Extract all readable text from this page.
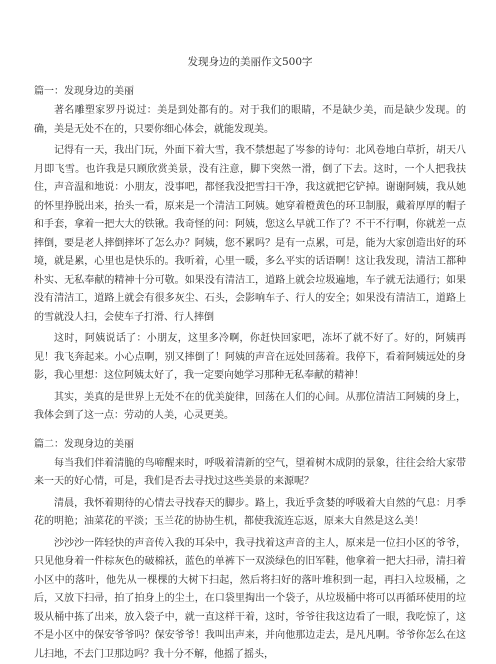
发现身边的美丽作文500字
篇一：发现身边的美丽

著名雕塑家罗丹说过：美是到处都有的。对于我们的眼睛，不是缺少美，而是缺少发现。的确，美是无处不在的，只要你细心体会，就能发现美。

记得有一天，我出门玩，外面下着大雪，我不禁想起了岑参的诗句：北风卷地白草折，胡天八月即飞雪。也许我是只顾欣赏美景，没有注意，脚下突然一滑，倒了下去。这时，一个人把我扶住，声音温和地说：小朋友，没事吧，都怪我没把雪扫干净，我这就把它铲掉。谢谢阿姨，我从她的怀里挣脱出来，抬头一看，原来是一个清洁工阿姨。她穿着橙黄色的环卫制服，戴着厚厚的帽子和手套，拿着一把大大的铁锹。我奇怪的问：阿姨，您这么早就工作了？不干不行啊，你就差一点摔倒，要是老人摔倒摔坏了怎么办？阿姨，您不累吗？是有一点累，可是，能为大家创造出好的环境，就是累，心里也是快乐的。我听着，心里一暖，多么平实的话语啊！这让我发现，清洁工都种朴实、无私奉献的精神十分可敬。如果没有清洁工，道路上就会垃圾遍地，车子就无法通行；如果没有清洁工，道路上就会有很多灰尘、石头，会影响车子、行人的安全；如果没有清洁工，道路上的雪就没人扫，会使车子打滑、行人摔倒

这时，阿姨说话了：小朋友，这里多冷啊，你赶快回家吧，冻坏了就不好了。好的，阿姨再见！我飞奔起来。小心点啊，别又摔倒了！阿姨的声音在远处回荡着。我停下，看着阿姨远处的身影，我心里想：这位阿姨太好了，我一定要向她学习那种无私奉献的精神！

其实，美真的是世界上无处不在的优美旋律，回荡在人们的心间。从那位清洁工阿姨的身上，我体会到了这一点：劳动的人美，心灵更美。

篇二：发现身边的美丽

每当我们伴着清脆的鸟啼醒来时，呼吸着清新的空气，望着树木成阴的景象，往往会给大家带来一天的好心情，可是，我们是否去寻找过这些美景的来源呢？

清晨，我怀着期待的心情去寻找春天的脚步。路上，我近乎贪婪的呼吸着大自然的气息：月季花的明艳；油菜花的平淡；玉兰花的协协生机，都使我流连忘返，原来大自然是这么美！

沙沙沙一阵轻快的声音传入我的耳朵中，我寻找着这声音的主人，原来是一位扫小区的爷爷，只见他身着一件棕灰色的破棉袄，蓝色的单裤下一双淡绿色的旧军鞋，他拿着一把大扫帚，清扫着小区中的落叶，他先从一棵棵的大树下扫起，然后将扫好的落叶堆积到一起，再扫入垃圾桶，之后，又放下扫帚，拍了拍身上的尘土，在口袋里掏出一个袋子，从垃圾桶中将可以再循环使用的垃圾从桶中拣了出来，放入袋子中，就一直这样干着，这时，爷爷往我这边看了一眼，我吃惊了，这不是小区中的保安爷爷吗？保安爷爷！我叫出声来，并向他那边走去，是凡凡啊。爷爷你怎么在这儿扫地，不去门卫那边吗？我十分不解，他摇了摇头，
